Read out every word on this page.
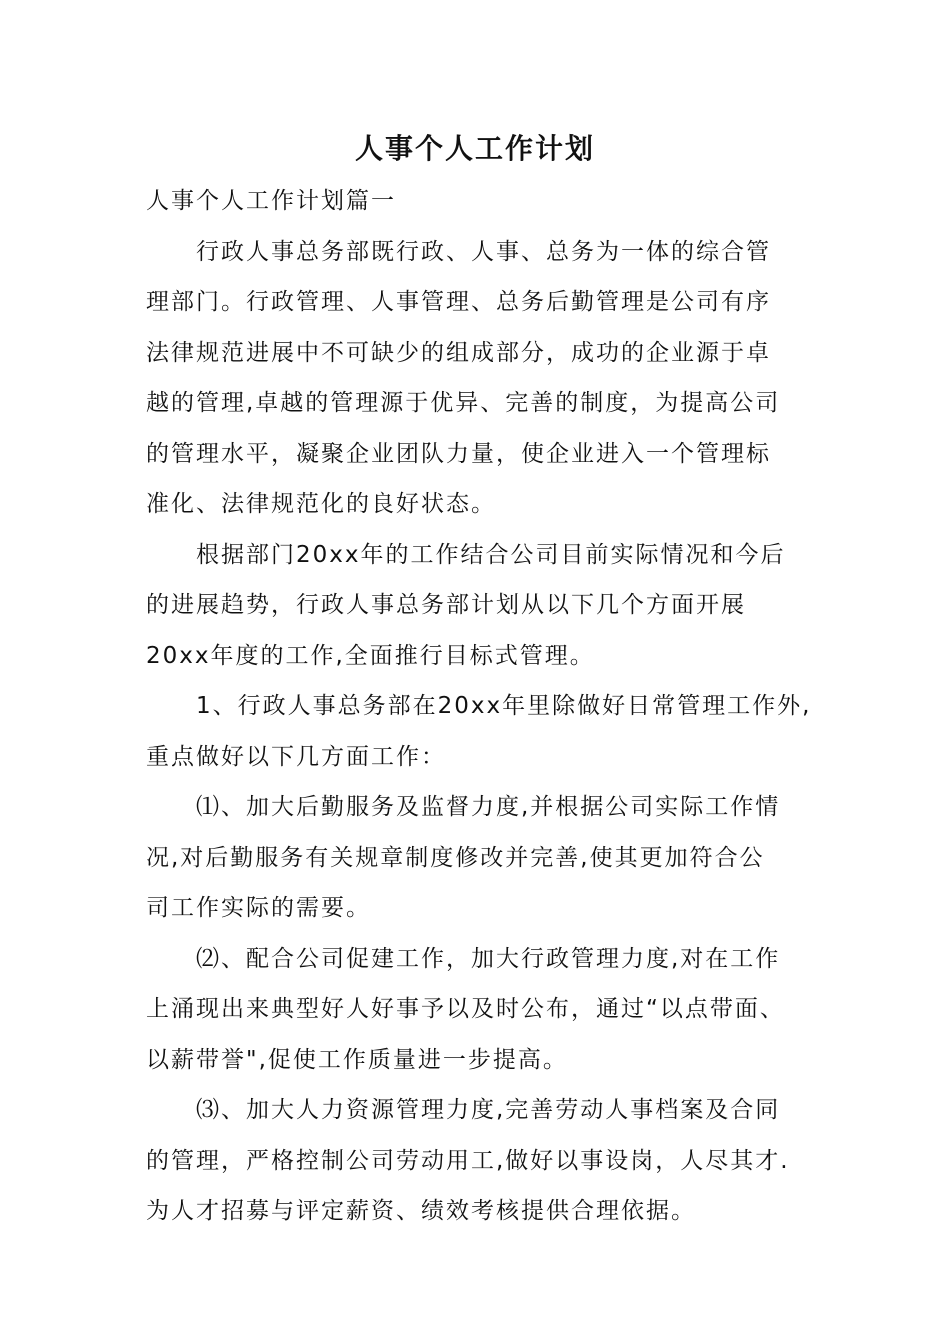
人事个人工作计划

人事个人工作计划篇一

行政人事总务部既行政、人事、总务为一体的综合管
理部门。行政管理、人事管理、总务后勤管理是公司有序
法律规范进展中不可缺少的组成部分，成功的企业源于卓
越的管理,卓越的管理源于优异、完善的制度，为提高公司
的管理水平，凝聚企业团队力量，使企业进入一个管理标
准化、法律规范化的良好状态。

根据部门20xx年的工作结合公司目前实际情况和今后
的进展趋势，行政人事总务部计划从以下几个方面开展
20xx年度的工作,全面推行目标式管理。

1、行政人事总务部在20xx年里除做好日常管理工作外,
重点做好以下几方面工作：

⑴、加大后勤服务及监督力度,并根据公司实际工作情
况,对后勤服务有关规章制度修改并完善,使其更加符合公
司工作实际的需要。

⑵、配合公司促建工作，加大行政管理力度,对在工作
上涌现出来典型好人好事予以及时公布，通过“以点带面、
以薪带誉",促使工作质量进一步提高。

⑶、加大人力资源管理力度,完善劳动人事档案及合同
的管理，严格控制公司劳动用工,做好以事设岗，人尽其才.
为人才招募与评定薪资、绩效考核提供合理依据。
